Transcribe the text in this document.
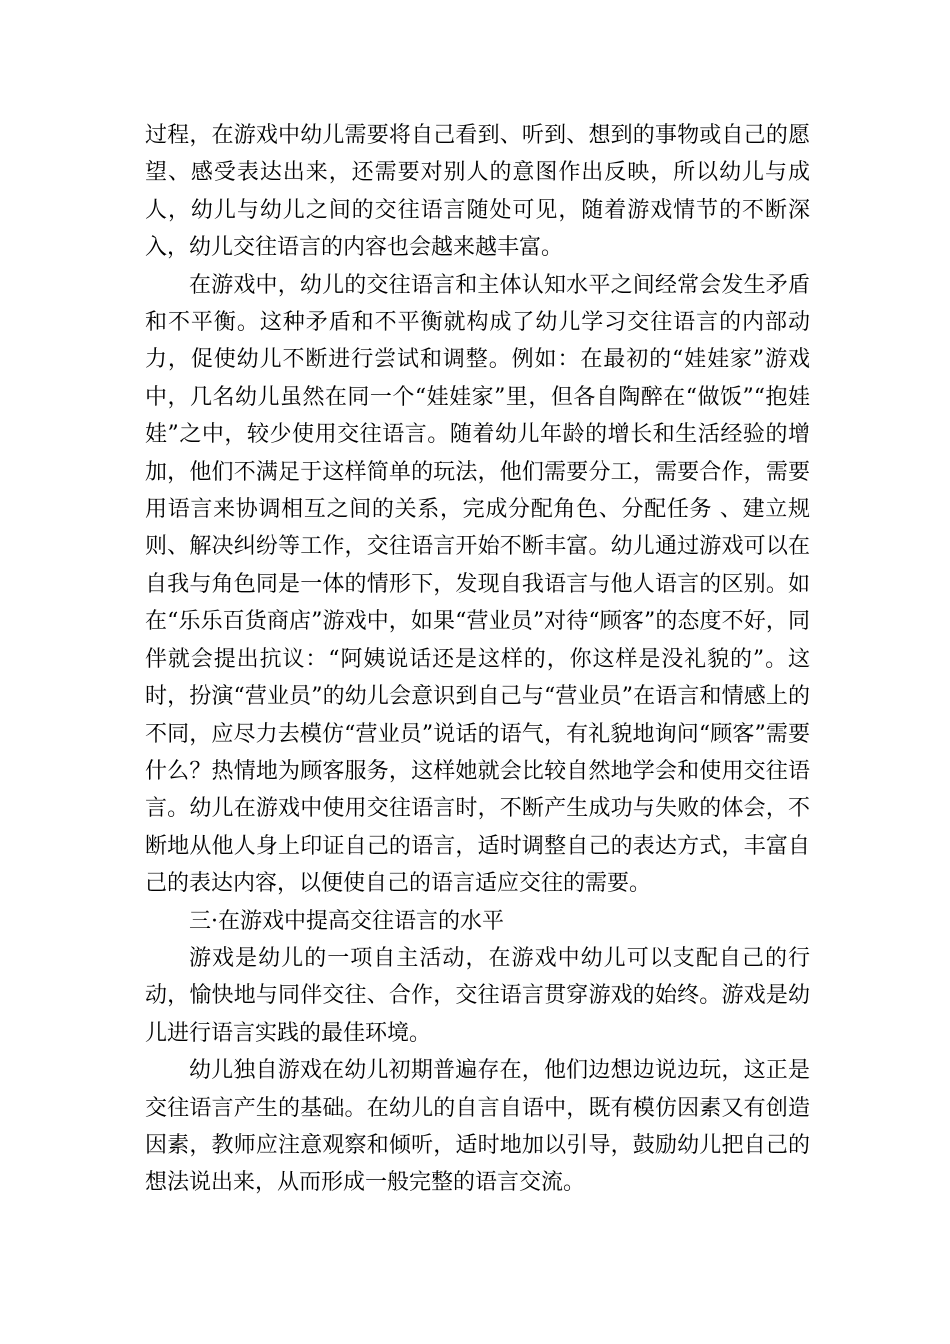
过程，在游戏中幼儿需要将自己看到、听到、想到的事物或自己的愿望、感受表达出来，还需要对别人的意图作出反映，所以幼儿与成人，幼儿与幼儿之间的交往语言随处可见，随着游戏情节的不断深入，幼儿交往语言的内容也会越来越丰富。

在游戏中，幼儿的交往语言和主体认知水平之间经常会发生矛盾和不平衡。这种矛盾和不平衡就构成了幼儿学习交往语言的内部动力，促使幼儿不断进行尝试和调整。例如：在最初的“娃娃家”游戏中，几名幼儿虽然在同一个“娃娃家”里，但各自陶醉在“做饭”“抱娃娃”之中，较少使用交往语言。随着幼儿年龄的增长和生活经验的增加，他们不满足于这样简单的玩法，他们需要分工，需要合作，需要用语言来协调相互之间的关系，完成分配角色、分配任务 、建立规则、解决纠纷等工作，交往语言开始不断丰富。幼儿通过游戏可以在自我与角色同是一体的情形下，发现自我语言与他人语言的区别。如在“乐乐百货商店”游戏中，如果“营业员”对待“顾客”的态度不好，同伴就会提出抗议：“阿姨说话还是这样的，你这样是没礼貌的”。这时，扮演“营业员”的幼儿会意识到自己与“营业员”在语言和情感上的不同，应尽力去模仿“营业员”说话的语气，有礼貌地询问“顾客”需要什么？热情地为顾客服务，这样她就会比较自然地学会和使用交往语言。幼儿在游戏中使用交往语言时，不断产生成功与失败的体会，不断地从他人身上印证自己的语言，适时调整自己的表达方式，丰富自己的表达内容，以便使自己的语言适应交往的需要。

三·在游戏中提高交往语言的水平

游戏是幼儿的一项自主活动，在游戏中幼儿可以支配自己的行动，愉快地与同伴交往、合作，交往语言贯穿游戏的始终。游戏是幼儿进行语言实践的最佳环境。

幼儿独自游戏在幼儿初期普遍存在，他们边想边说边玩，这正是交往语言产生的基础。在幼儿的自言自语中，既有模仿因素又有创造因素，教师应注意观察和倾听，适时地加以引导，鼓励幼儿把自己的想法说出来，从而形成一般完整的语言交流。
